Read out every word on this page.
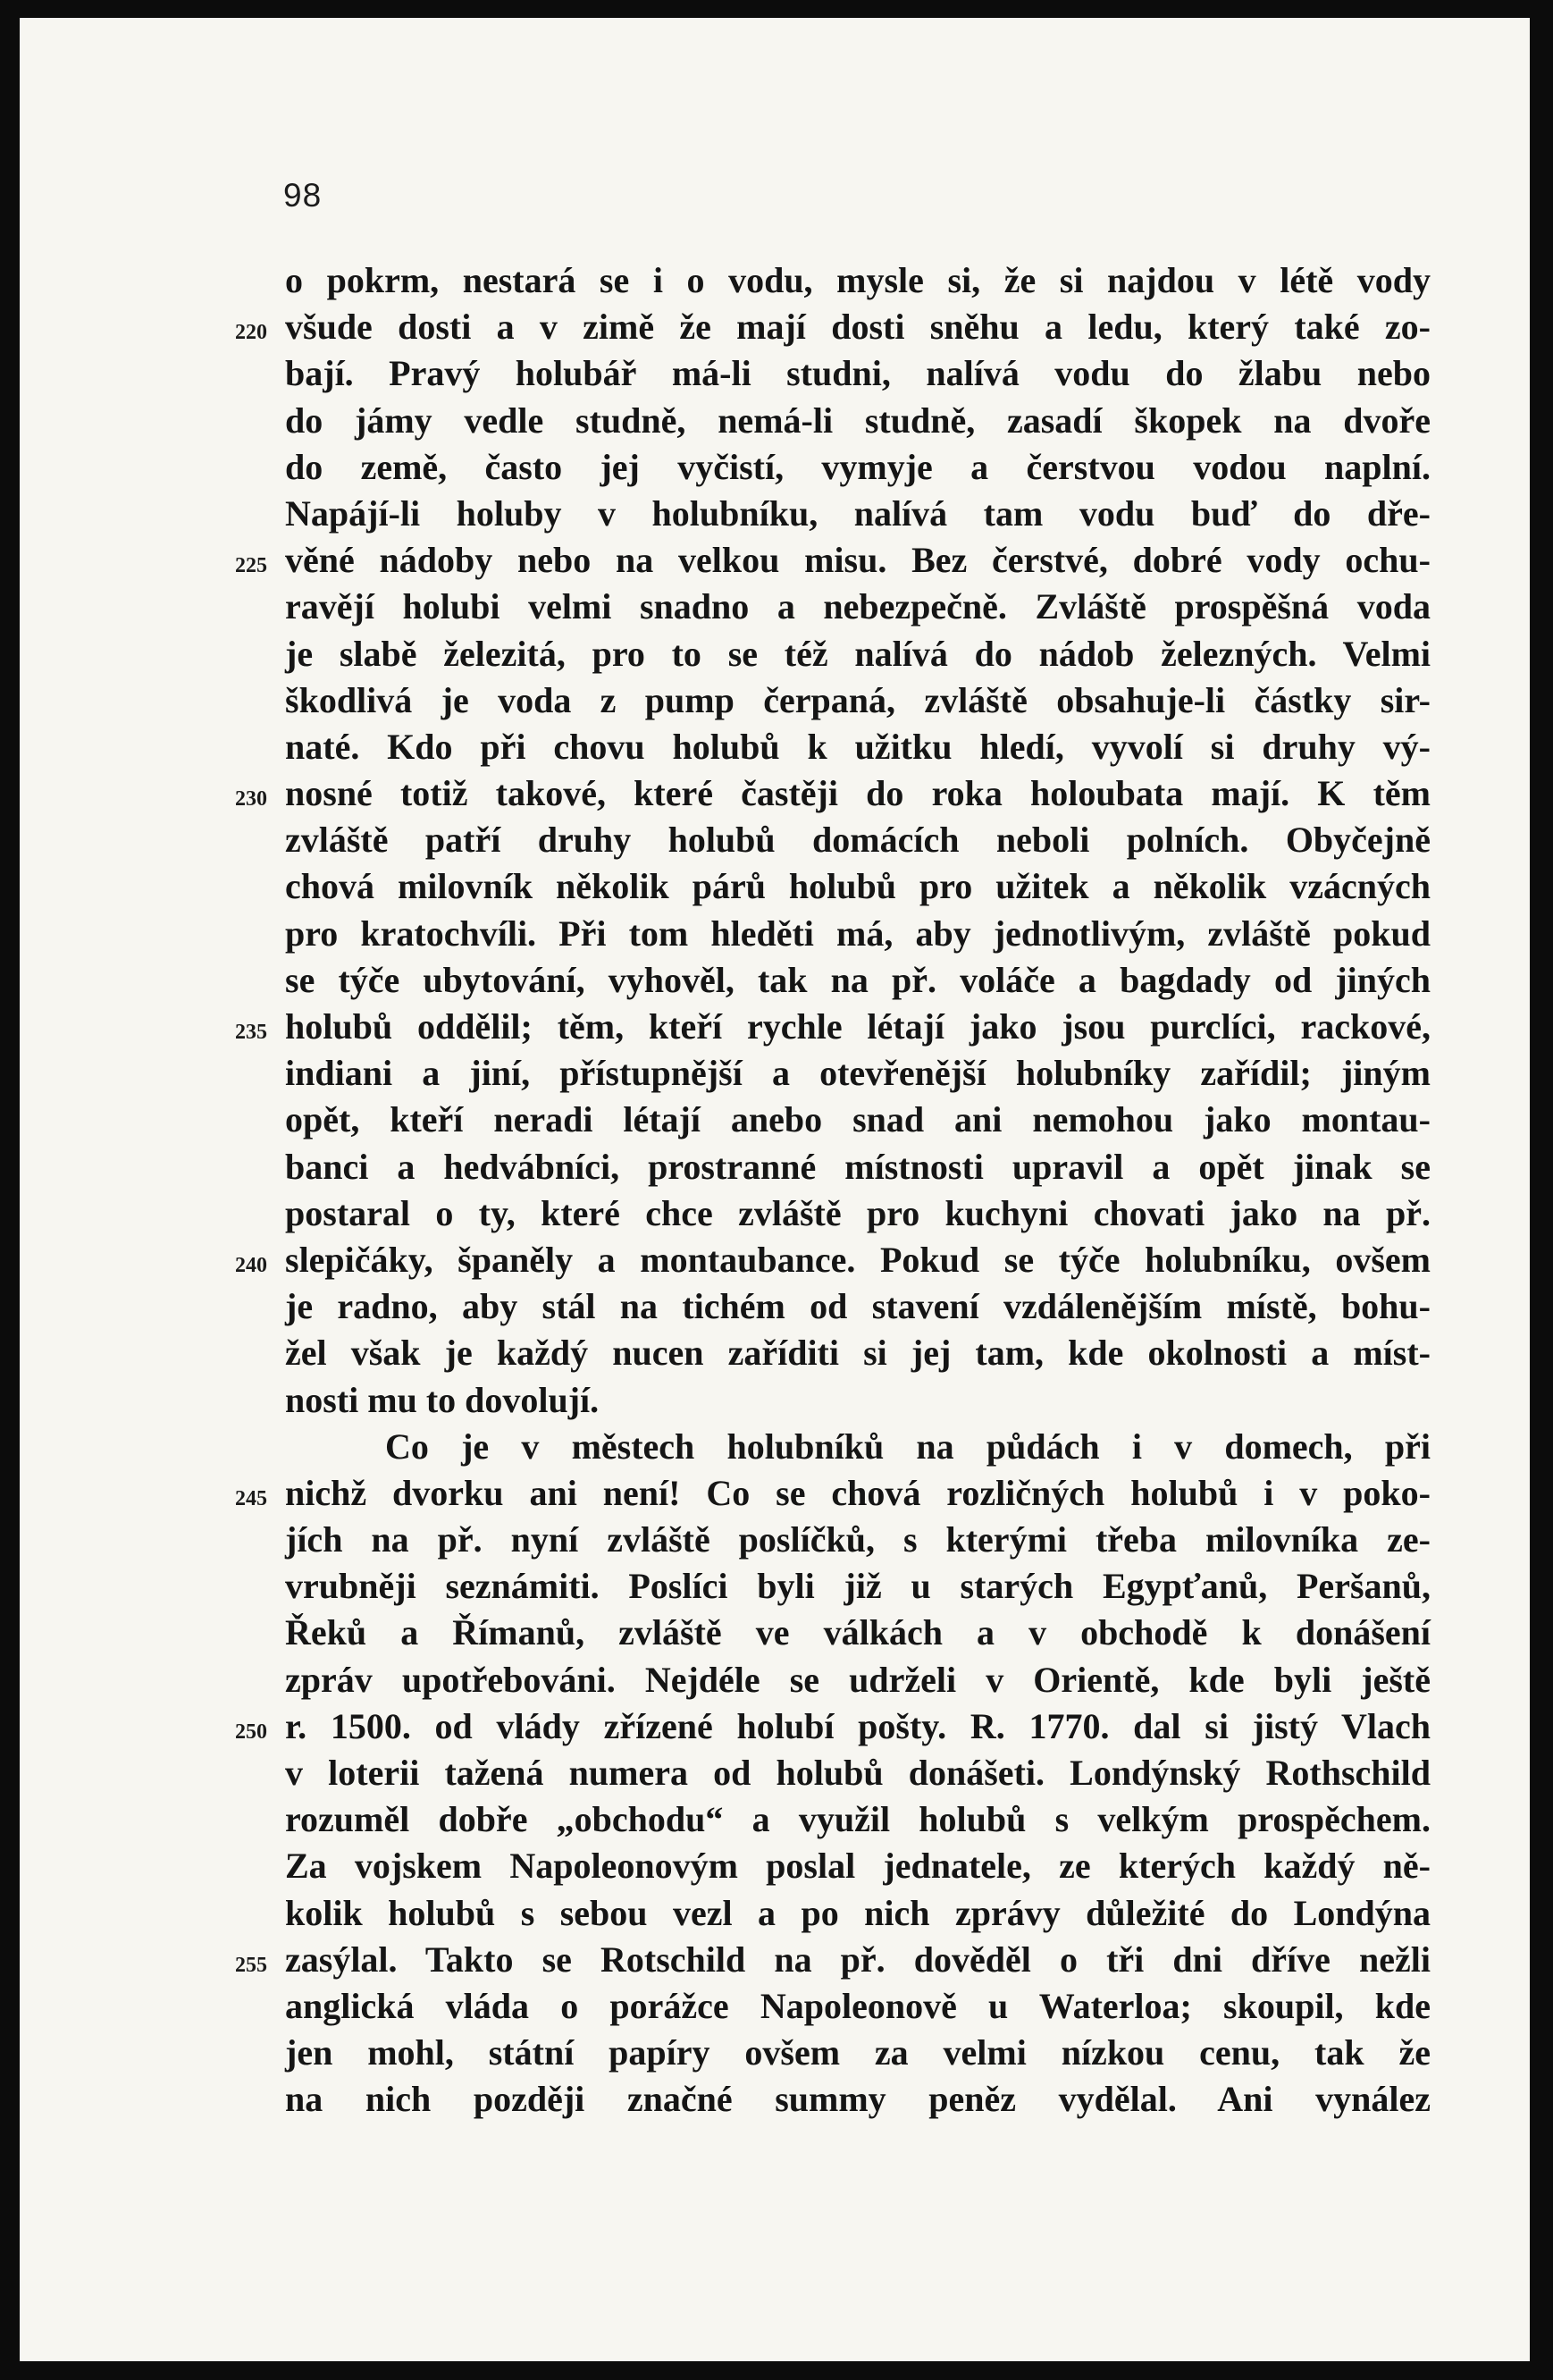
98
o pokrm, nestará se i o vodu, mysle si, že si najdou v létě vody
220 všude dosti a v zimě že mají dosti sněhu a ledu, který také zo-
bají. Pravý holubář má-li studni, nalívá vodu do žlabu nebo
do jámy vedle studně, nemá-li studně, zasadí škopek na dvoře
do země, často jej vyčistí, vymyje a čerstvou vodou naplní.
Napájí-li holuby v holubníku, nalívá tam vodu buď do dře-
225 věné nádoby nebo na velkou misu. Bez čerstvé, dobré vody ochu-
ravějí holubi velmi snadno a nebezpečně. Zvláště prospěšná voda
je slabě železitá, pro to se též nalívá do nádob železných. Velmi
škodlivá je voda z pump čerpaná, zvláště obsahuje-li částky sir-
naté. Kdo při chovu holubů k užitku hledí, vyvolí si druhy vý-
230 nosné totiž takové, které častěji do roka holoubata mají. K těm
zvláště patří druhy holubů domácích neboli polních. Obyčejně
chová milovník několik párů holubů pro užitek a několik vzácných
pro kratochvíli. Při tom hleděti má, aby jednotlivým, zvláště pokud
se týče ubytování, vyhověl, tak na př. voláče a bagdady od jiných
235 holubů oddělil; těm, kteří rychle létají jako jsou purclíci, rackové,
indiani a jiní, přístupnější a otevřenější holubníky zařídil; jiným
opět, kteří neradi létají anebo snad ani nemohou jako montau-
banci a hedvábníci, prostranné místnosti upravil a opět jinak se
postaral o ty, které chce zvláště pro kuchyni chovati jako na př.
240 slepičáky, španěly a montaubance. Pokud se týče holubníku, ovšem
je radno, aby stál na tichém od stavení vzdálenějším místě, bohu-
žel však je každý nucen zaříditi si jej tam, kde okolnosti a míst-
nosti mu to dovolují.
Co je v městech holubníků na půdách i v domech, při
245 nichž dvorku ani není! Co se chová rozličných holubů i v poko-
jích na př. nyní zvláště poslíčků, s kterými třeba milovníka ze-
vrubněji seznámiti. Poslíci byli již u starých Egypťanů, Peršanů,
Řeků a Římanů, zvláště ve válkách a v obchodě k donášení
zpráv upotřebováni. Nejdéle se udrželi v Orientě, kde byli ještě
250 r. 1500. od vlády zřízené holubí pošty. R. 1770. dal si jistý Vlach
v loterii tažená numera od holubů donášeti. Londýnský Rothschild
rozuměl dobře „obchodu“ a využil holubů s velkým prospěchem.
Za vojskem Napoleonovým poslal jednatele, ze kterých každý ně-
kolik holubů s sebou vezl a po nich zprávy důležité do Londýna
255 zasýlal. Takto se Rotschild na př. dověděl o tři dni dříve nežli
anglická vláda o porážce Napoleonově u Waterloa; skoupil, kde
jen mohl, státní papíry ovšem za velmi nízkou cenu, tak že
na nich později značné summy peněz vydělal. Ani vynález
